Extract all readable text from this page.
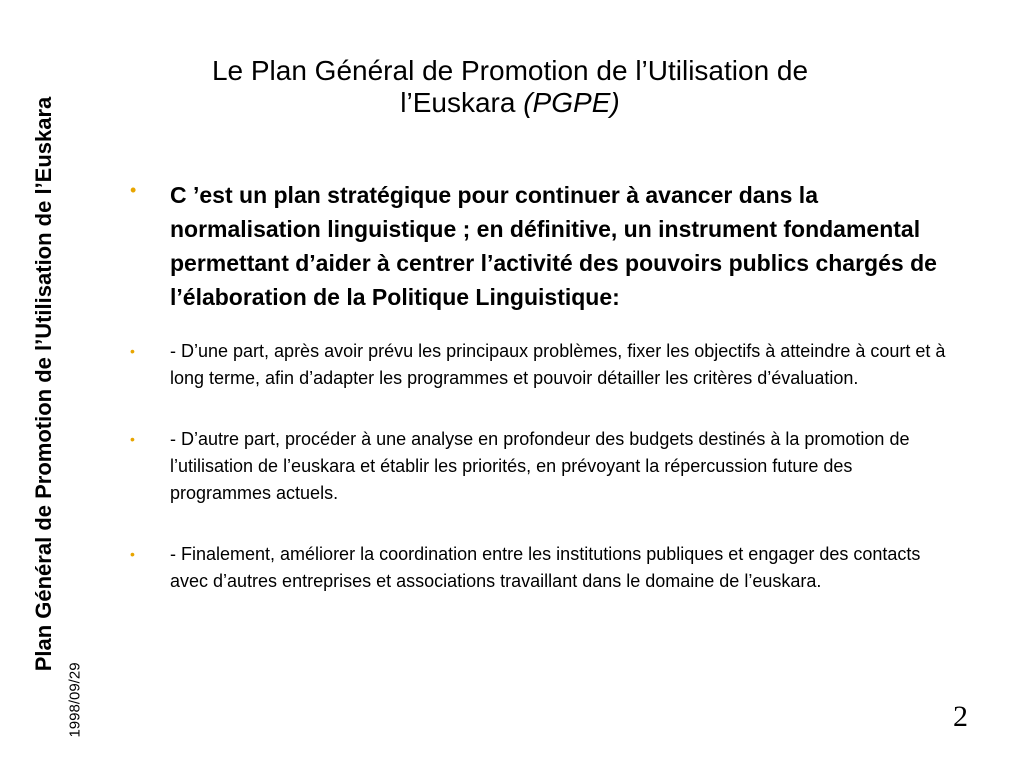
Plan Général de Promotion de l’Utilisation de l’Euskara
1998/09/29
Le Plan Général de Promotion de l’Utilisation de
l’Euskara (PGPE)
•	C ’est un plan stratégique pour continuer à avancer dans la normalisation linguistique ; en définitive, un instrument fondamental permettant d’aider à centrer l’activité des pouvoirs publics chargés de l’élaboration de la Politique Linguistique:
•	- D’une part, après avoir prévu les principaux problèmes, fixer les objectifs à atteindre à court et à long terme, afin d’adapter les programmes et pouvoir détailler les critères d’évaluation.
•	- D’autre part, procéder à une analyse en profondeur des budgets destinés à la promotion de l’utilisation de l’euskara et établir les priorités, en prévoyant la répercussion future des programmes actuels.
•	- Finalement, améliorer la coordination entre les institutions publiques et engager des contacts avec d’autres entreprises et associations travaillant dans le domaine de l’euskara.
2
